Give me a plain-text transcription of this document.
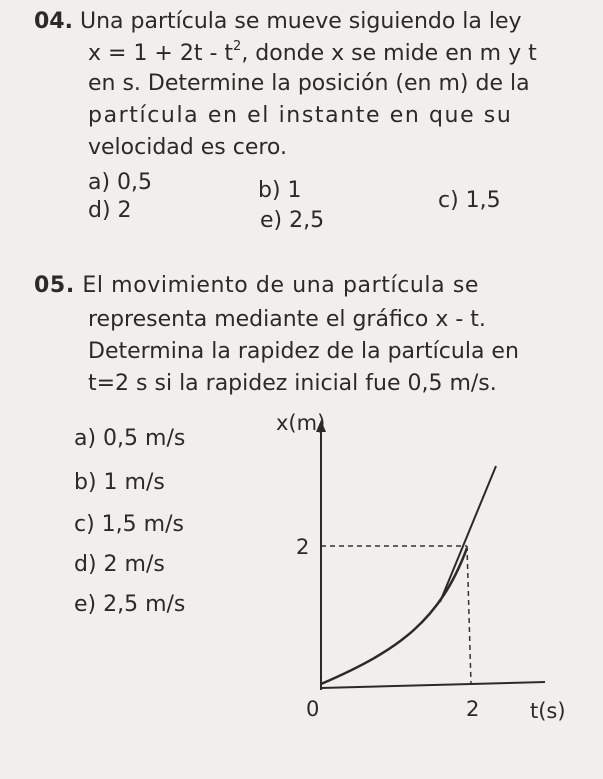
04. Una partícula se mueve siguiendo la ley
$x = 1 + 2t - t^2$, donde x se mide en m y t
en s. Determine la posición (en m) de la
partícula en el instante en que su
velocidad es cero.
a) 0,5	b) 1	c) 1,5
d) 2	e) 2,5
05. El movimiento de una partícula se
representa mediante el gráfico x - t.
Determina la rapidez de la partícula en
t=2 s si la rapidez inicial fue 0,5 m/s.
a) 0,5 m/s
b) 1 m/s
c) 1,5 m/s
d) 2 m/s
e) 2,5 m/s
x(m)
2
0	2 t(s)
